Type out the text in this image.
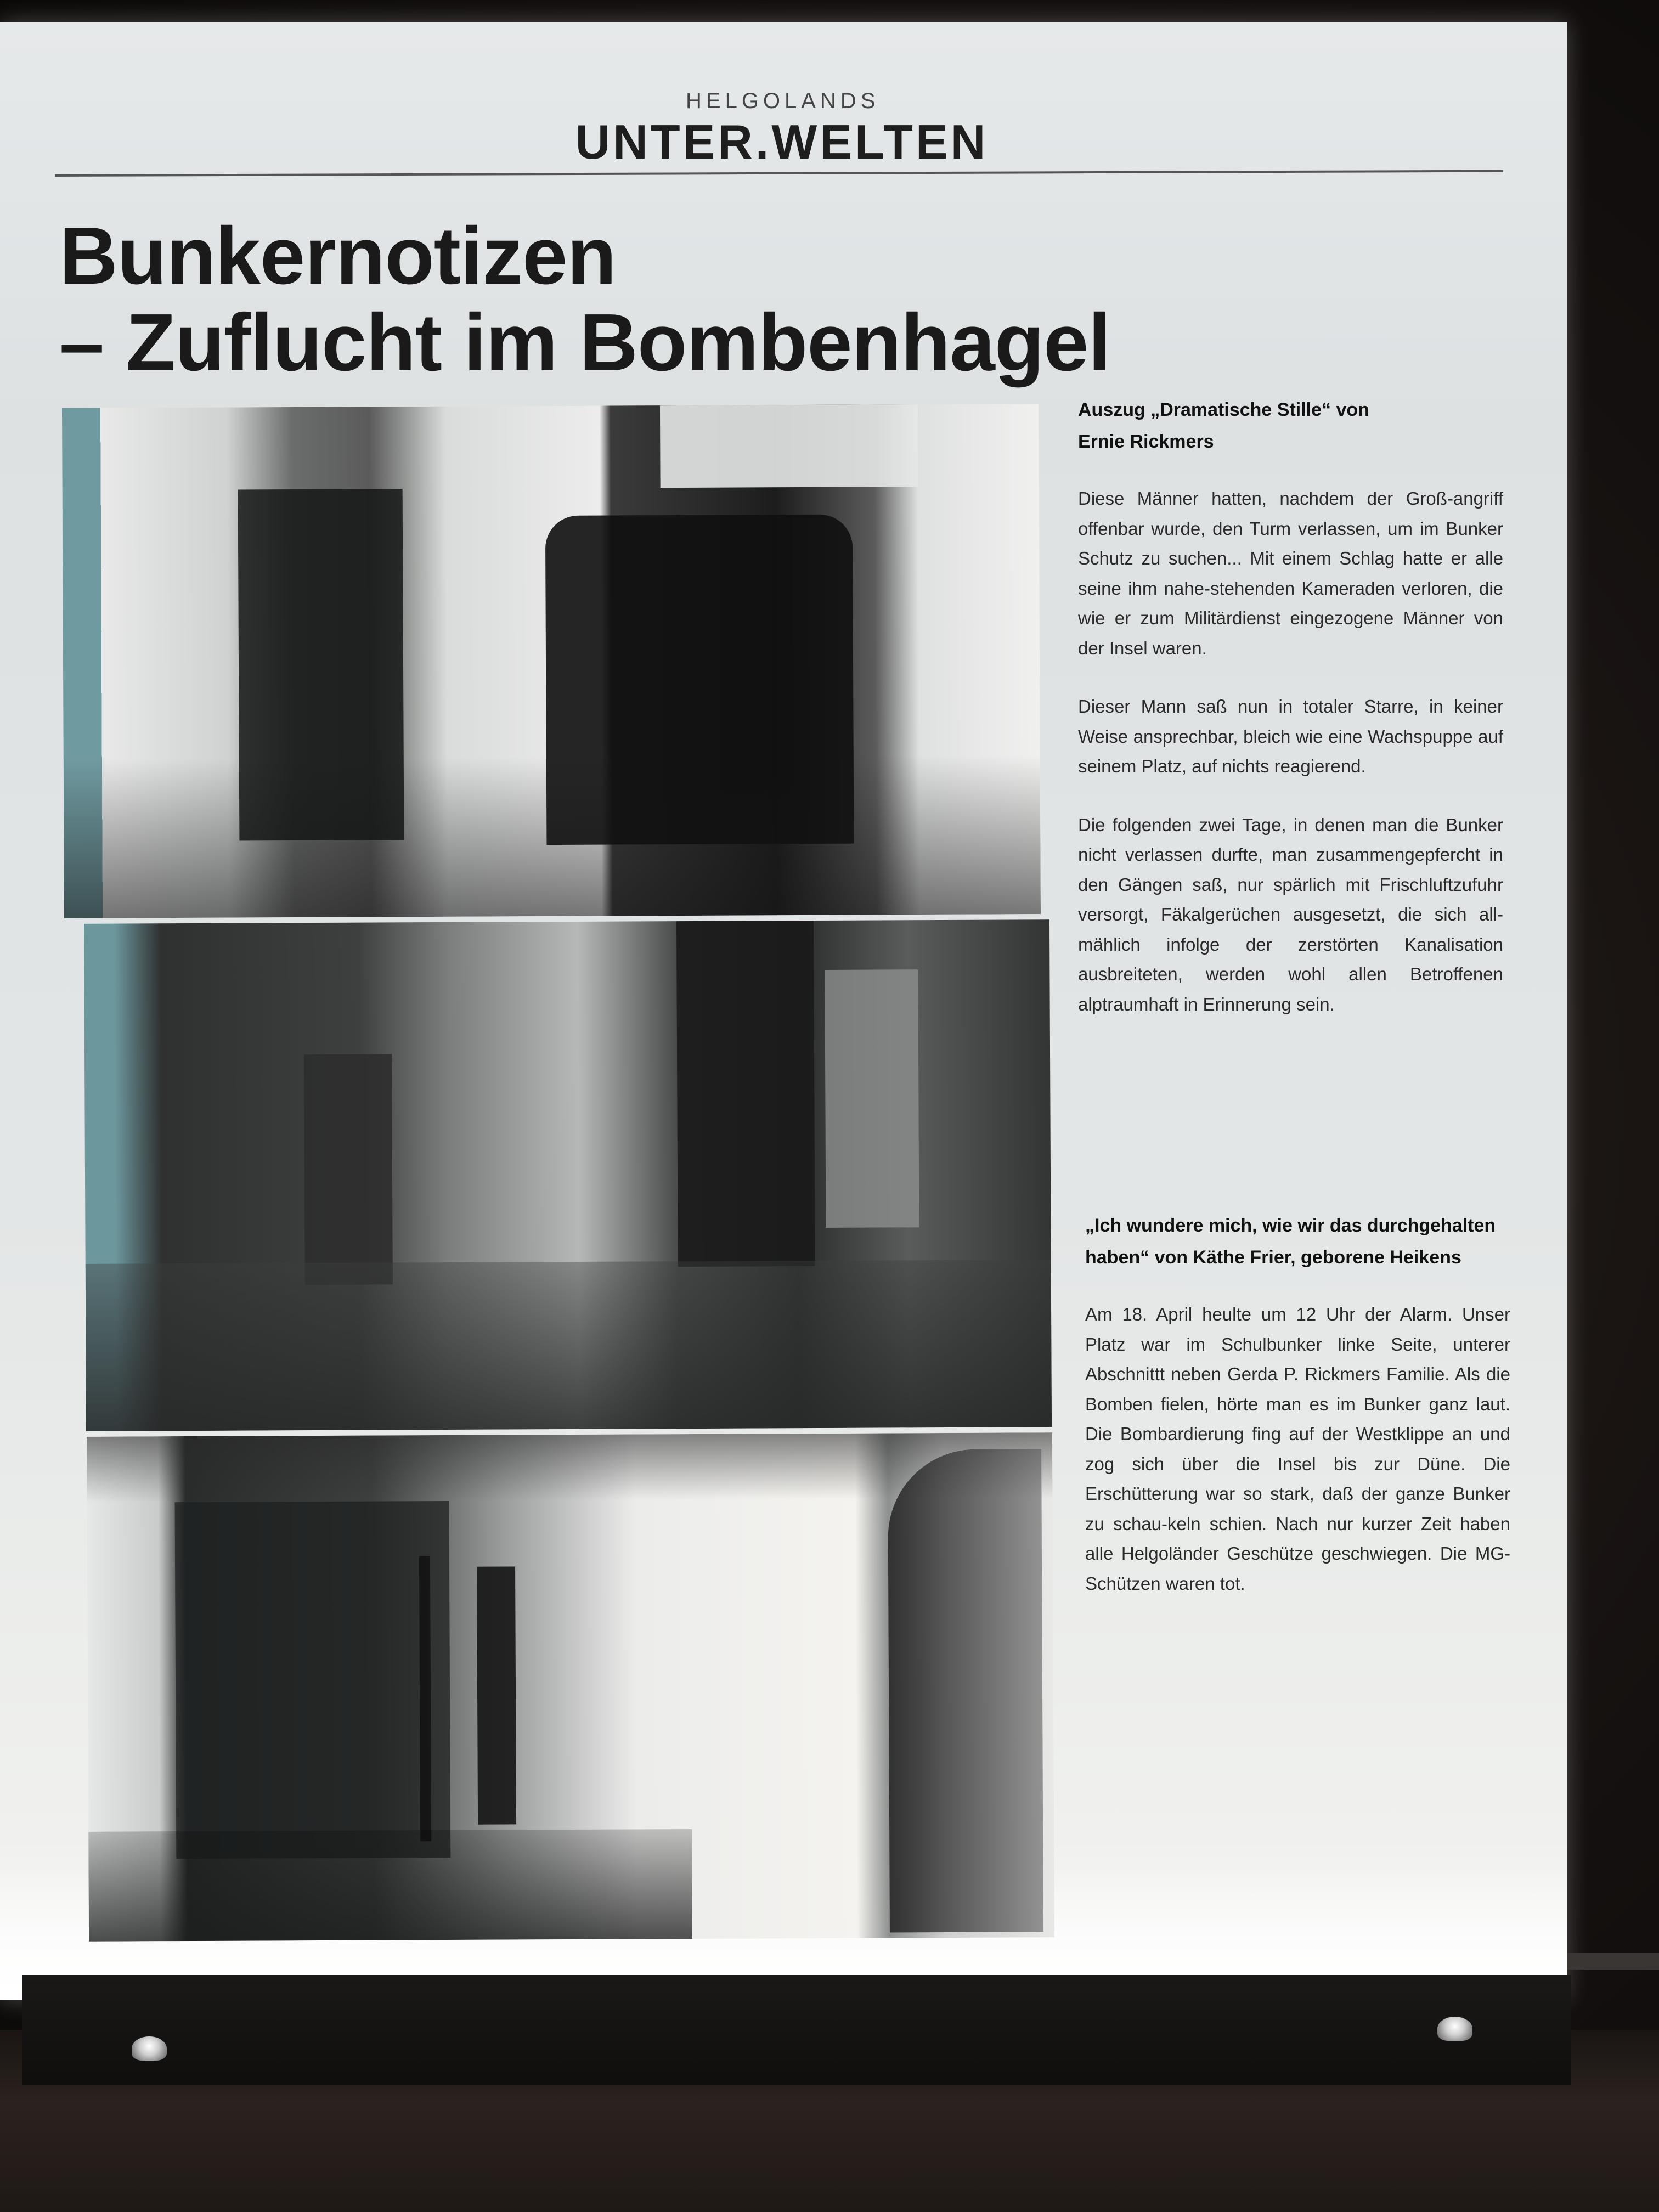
HELGOLANDS
UNTER.WELTEN
Bunkernotizen
– Zuflucht im Bombenhagel
Auszug „Dramatische Stille“ von
Ernie Rickmers

Diese Männer hatten, nachdem der Groß-angriff offenbar wurde, den Turm verlassen, um im Bunker Schutz zu suchen... Mit einem Schlag hatte er alle seine ihm nahe-stehenden Kameraden verloren, die wie er zum Militärdienst eingezogene Männer von der Insel waren.

Dieser Mann saß nun in totaler Starre, in keiner Weise ansprechbar, bleich wie eine Wachspuppe auf seinem Platz, auf nichts reagierend.

Die folgenden zwei Tage, in denen man die Bunker nicht verlassen durfte, man zusammengepfercht in den Gängen saß, nur spärlich mit Frischluftzufuhr versorgt, Fäkalgerüchen ausgesetzt, die sich all-mählich infolge der zerstörten Kanalisation ausbreiteten, werden wohl allen Betroffenen alptraumhaft in Erinnerung sein.

„Ich wundere mich, wie wir das durchgehalten
haben“ von Käthe Frier, geborene Heikens

Am 18. April heulte um 12 Uhr der Alarm. Unser Platz war im Schulbunker linke Seite, unterer Abschnittt neben Gerda P. Rickmers Familie. Als die Bomben fielen, hörte man es im Bunker ganz laut. Die Bombardierung fing auf der Westklippe an und zog sich über die Insel bis zur Düne. Die Erschütterung war so stark, daß der ganze Bunker zu schau-keln schien. Nach nur kurzer Zeit haben alle Helgoländer Geschütze geschwiegen. Die MG-Schützen waren tot.
